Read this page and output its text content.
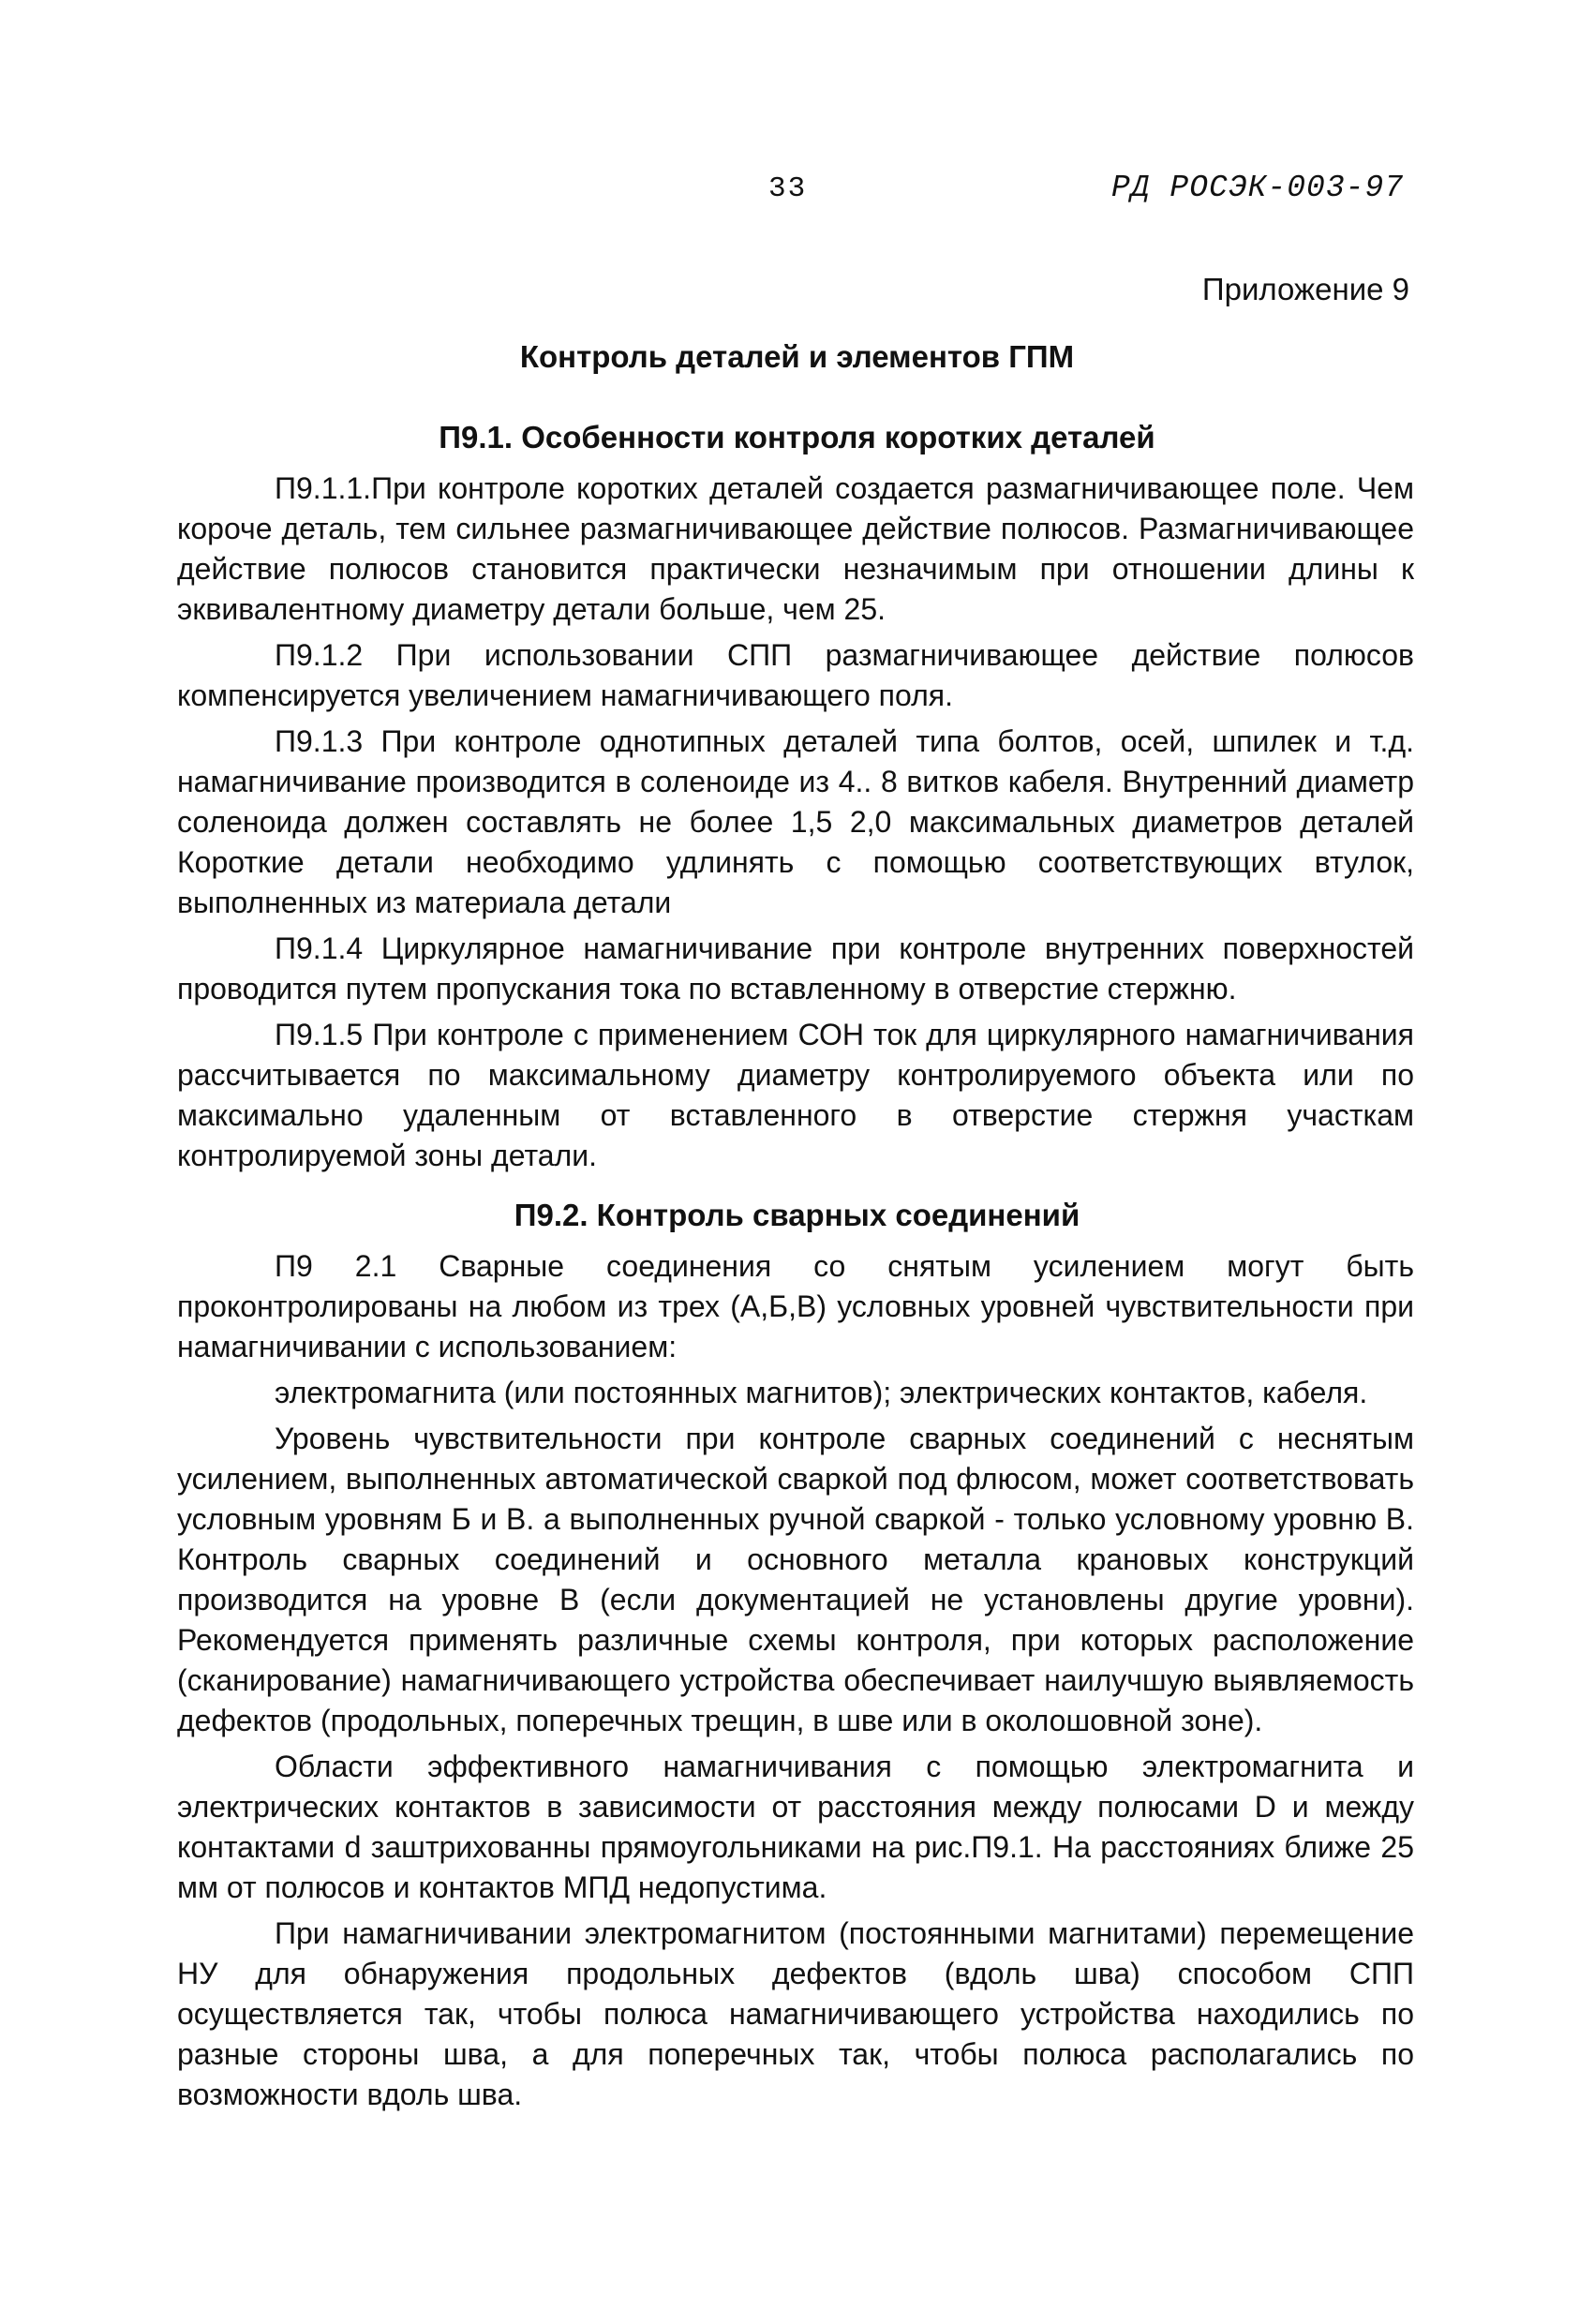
33	РД РОСЭК-003-97
Приложение 9
Контроль деталей и элементов ГПМ
П9.1. Особенности контроля коротких деталей

П9.1.1.При контроле коротких деталей создается размагничивающее поле. Чем короче деталь, тем сильнее размагничивающее действие полюсов. Размагничивающее действие полюсов становится практически незначимым при отношении длины к эквивалентному диаметру детали больше, чем 25.

П9.1.2 При использовании СПП размагничивающее действие полюсов компенсируется увеличением намагничивающего поля.

П9.1.3 При контроле однотипных деталей типа болтов, осей, шпилек и т.д. намагничивание производится в соленоиде из 4.. 8 витков кабеля. Внутренний диаметр соленоида должен составлять не более 1,5 2,0 максимальных диаметров деталей Короткие детали необходимо удлинять с помощью соответствующих втулок, выполненных из материала детали

П9.1.4 Циркулярное намагничивание при контроле внутренних поверхностей проводится путем пропускания тока по вставленному в отверстие стержню.

П9.1.5 При контроле с применением СОН ток для циркулярного намагничивания рассчитывается по максимальному диаметру контролируемого объекта или по максимально удаленным от вставленного в отверстие стержня участкам контролируемой зоны детали.

П9.2. Контроль сварных соединений

П9 2.1 Сварные соединения со снятым усилением могут быть проконтролированы на любом из трех (А,Б,В) условных уровней чувствительности при намагничивании с использованием:

электромагнита (или постоянных магнитов); электрических контактов, кабеля.

Уровень чувствительности при контроле сварных соединений с неснятым усилением, выполненных автоматической сваркой под флюсом, может соответствовать условным уровням Б и В. а выполненных ручной сваркой - только условному уровню В. Контроль сварных соединений и основного металла крановых конструкций производится на уровне В (если документацией не установлены другие уровни). Рекомендуется применять различные схемы контроля, при которых расположение (сканирование) намагничивающего устройства обеспечивает наилучшую выявляемость дефектов (продольных, поперечных трещин, в шве или в околошовной зоне).

Области эффективного намагничивания с помощью электромагнита и электрических контактов в зависимости от расстояния между полюсами D и между контактами d заштрихованны прямоугольниками на рис.П9.1. На расстояниях ближе 25 мм от полюсов и контактов МПД недопустима.

При намагничивании электромагнитом (постоянными магнитами) перемещение НУ для обнаружения продольных дефектов (вдоль шва) способом СПП осуществляется так, чтобы полюса намагничивающего устройства находились по разные стороны шва, а для поперечных так, чтобы полюса располагались по возможности вдоль шва.
